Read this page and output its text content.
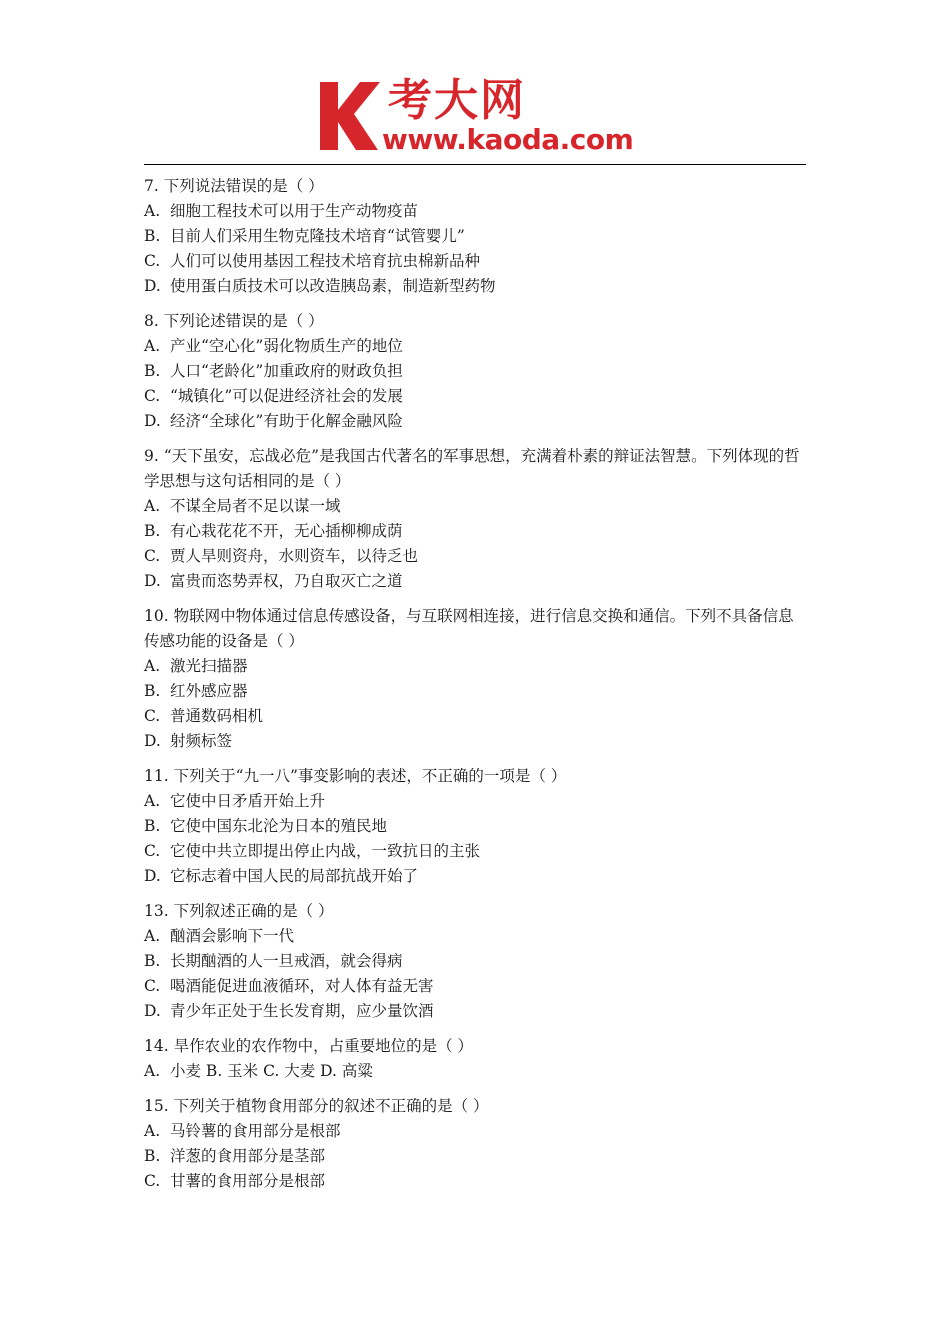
考大网
www.kaoda.com

7. 下列说法错误的是（ ）

A. 细胞工程技术可以用于生产动物疫苗

B. 目前人们采用生物克隆技术培育“试管婴儿”

C. 人们可以使用基因工程技术培育抗虫棉新品种

D. 使用蛋白质技术可以改造胰岛素，制造新型药物

8. 下列论述错误的是（ ）

A. 产业“空心化”弱化物质生产的地位

B. 人口“老龄化”加重政府的财政负担

C. “城镇化”可以促进经济社会的发展

D. 经济“全球化”有助于化解金融风险

9. “天下虽安，忘战必危”是我国古代著名的军事思想，充满着朴素的辩证法智慧。下列体现的哲学思想与这句话相同的是（ ）

A. 不谋全局者不足以谋一域

B. 有心栽花花不开，无心插柳柳成荫

C. 贾人旱则资舟，水则资车，以待乏也

D. 富贵而恣势弄权，乃自取灭亡之道

10. 物联网中物体通过信息传感设备，与互联网相连接，进行信息交换和通信。下列不具备信息传感功能的设备是（ ）

A. 激光扫描器

B. 红外感应器

C. 普通数码相机

D. 射频标签

11. 下列关于“九一八”事变影响的表述，不正确的一项是（ ）

A. 它使中日矛盾开始上升

B. 它使中国东北沦为日本的殖民地

C. 它使中共立即提出停止内战，一致抗日的主张

D. 它标志着中国人民的局部抗战开始了

13. 下列叙述正确的是（ ）

A. 酗酒会影响下一代

B. 长期酗酒的人一旦戒酒，就会得病

C. 喝酒能促进血液循环，对人体有益无害

D. 青少年正处于生长发育期，应少量饮酒

14. 旱作农业的农作物中，占重要地位的是（ ）

A. 小麦 B. 玉米 C. 大麦 D. 高粱

15. 下列关于植物食用部分的叙述不正确的是（ ）

A. 马铃薯的食用部分是根部

B. 洋葱的食用部分是茎部

C. 甘薯的食用部分是根部
